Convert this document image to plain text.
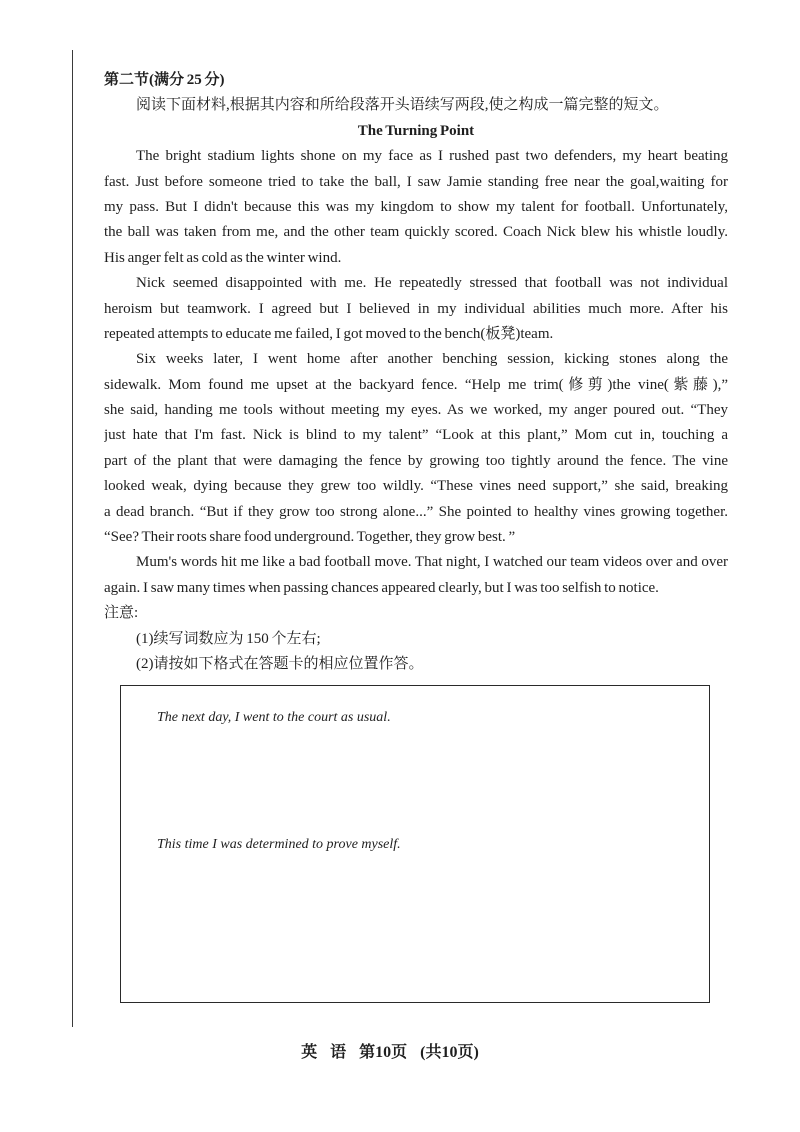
第二节(满分 25 分)
阅读下面材料,根据其内容和所给段落开头语续写两段,使之构成一篇完整的短文。
The Turning Point
The bright stadium lights shone on my face as I rushed past two defenders, my heart beating
fast. Just before someone tried to take the ball, I saw Jamie standing free near the goal,waiting for
my pass. But I didn't because this was my kingdom to show my talent for football. Unfortunately,
the ball was taken from me, and the other team quickly scored. Coach Nick blew his whistle loudly.
His anger felt as cold as the winter wind.
Nick seemed disappointed with me. He repeatedly stressed that football was not individual
heroism but teamwork. I agreed but I believed in my individual abilities much more. After his
repeated attempts to educate me failed, I got moved to the bench(板凳)team.
Six weeks later, I went home after another benching session, kicking stones along the
sidewalk. Mom found me upset at the backyard fence. “Help me trim(修剪)the vine(紫藤),”
she said, handing me tools without meeting my eyes. As we worked, my anger poured out. “They
just hate that I'm fast. Nick is blind to my talent” “Look at this plant,” Mom cut in, touching a
part of the plant that were damaging the fence by growing too tightly around the fence. The vine
looked weak, dying because they grew too wildly. “These vines need support,” she said, breaking
a dead branch. “But if they grow too strong alone...” She pointed to healthy vines growing together.
“See? Their roots share food underground. Together, they grow best. ”
Mum's words hit me like a bad football move. That night, I watched our team videos over and over
again. I saw many times when passing chances appeared clearly, but I was too selfish to notice.
注意:
(1)续写词数应为 150 个左右;
(2)请按如下格式在答题卡的相应位置作答。
The next day, I went to the court as usual.
This time I was determined to prove myself.
英 语 第10页 (共10页)
